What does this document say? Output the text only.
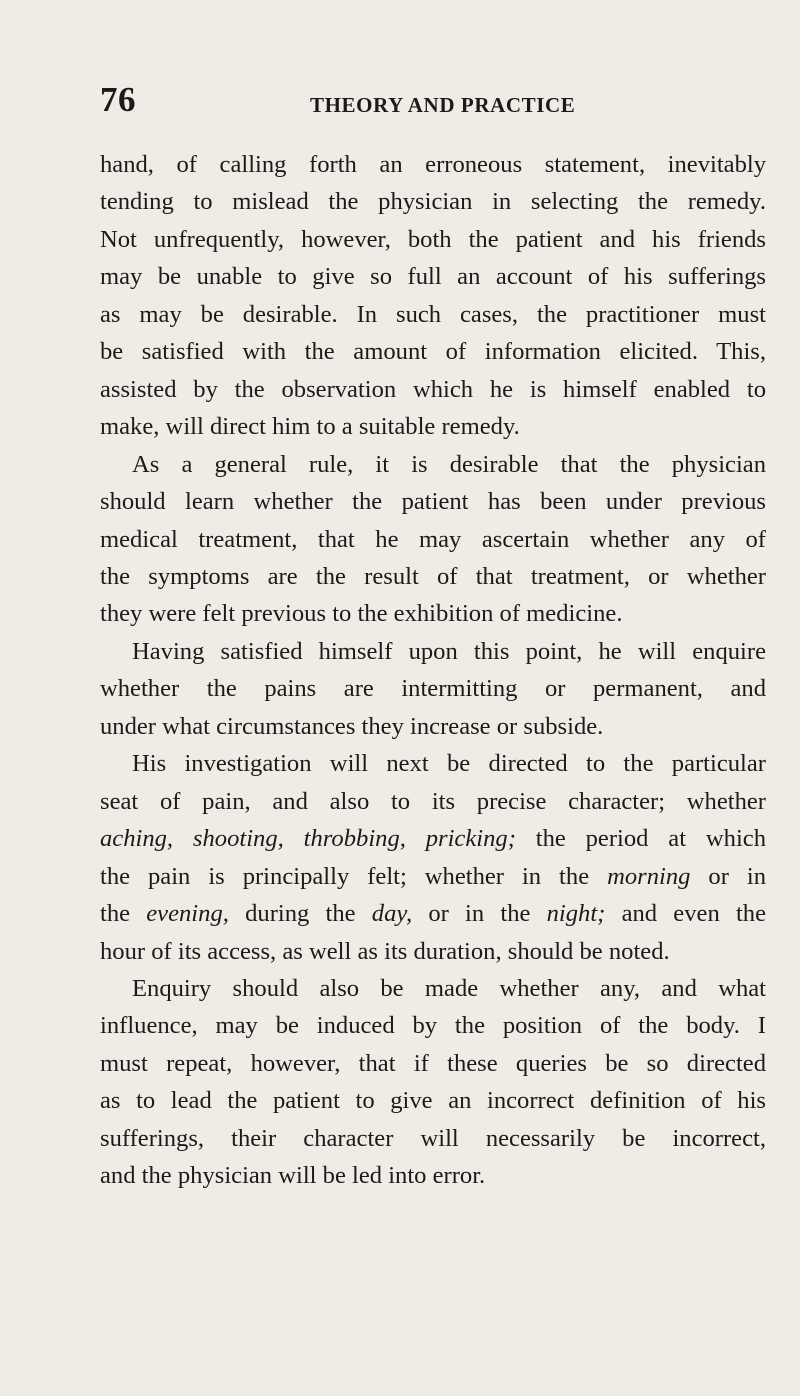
76	THEORY AND PRACTICE
hand, of calling forth an erroneous statement, inevitably
tending to mislead the physician in selecting the remedy.
Not unfrequently, however, both the patient and his friends
may be unable to give so full an account of his sufferings
as may be desirable. In such cases, the practitioner must
be satisfied with the amount of information elicited. This,
assisted by the observation which he is himself enabled to
make, will direct him to a suitable remedy.
As a general rule, it is desirable that the physician
should learn whether the patient has been under previous
medical treatment, that he may ascertain whether any of
the symptoms are the result of that treatment, or whether
they were felt previous to the exhibition of medicine.
Having satisfied himself upon this point, he will enquire
whether the pains are intermitting or permanent, and
under what circumstances they increase or subside.
His investigation will next be directed to the particular
seat of pain, and also to its precise character; whether
aching, shooting, throbbing, pricking; the period at which
the pain is principally felt; whether in the morning or in
the evening, during the day, or in the night; and even the
hour of its access, as well as its duration, should be noted.
Enquiry should also be made whether any, and what
influence, may be induced by the position of the body. I
must repeat, however, that if these queries be so directed
as to lead the patient to give an incorrect definition of his
sufferings, their character will necessarily be incorrect,
and the physician will be led into error.
